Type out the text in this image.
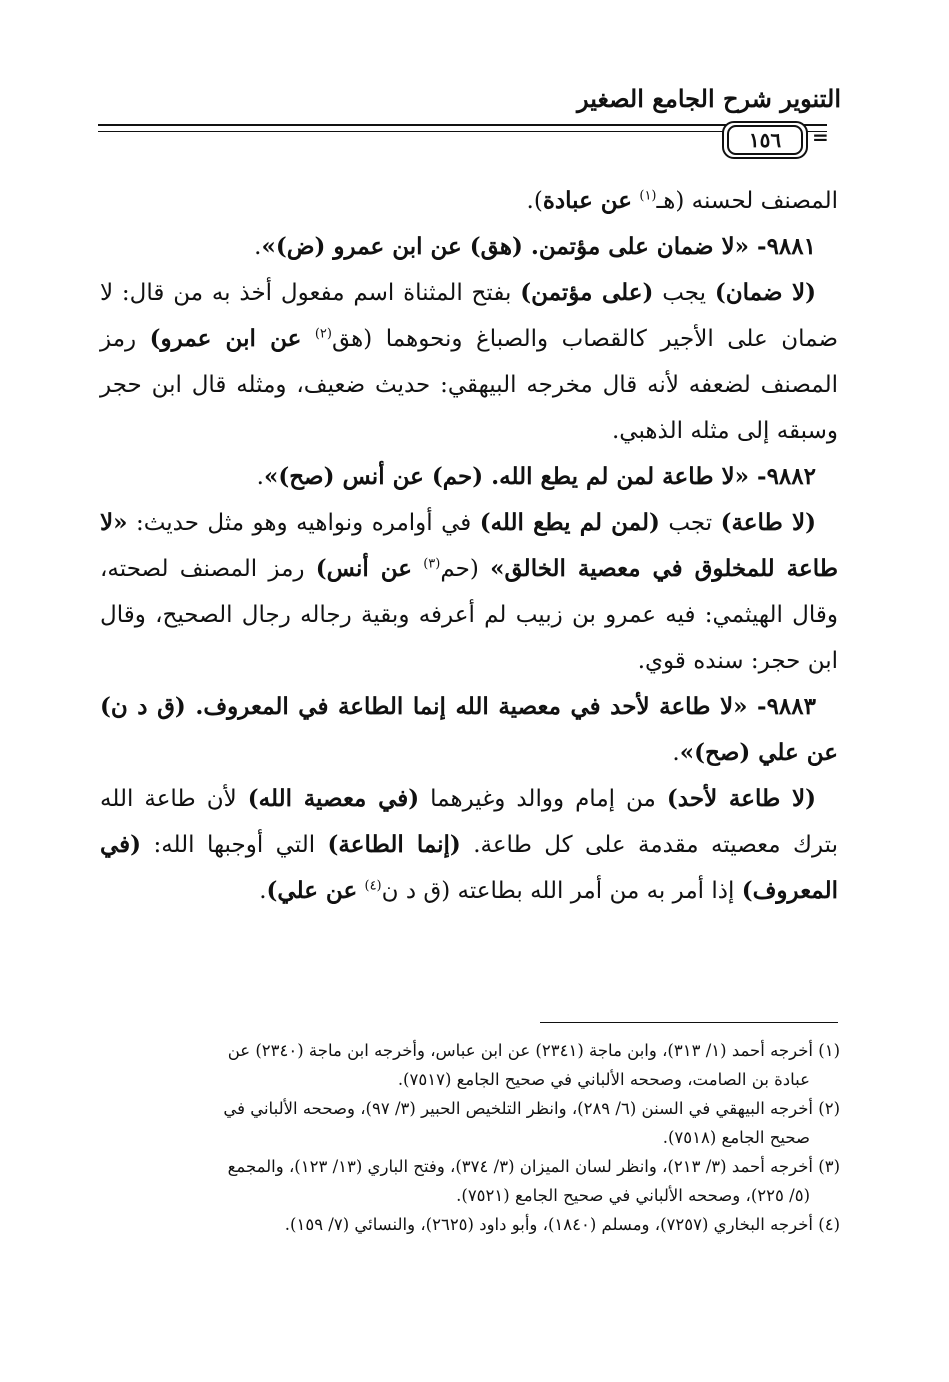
التنوير شرح الجامع الصغير
١٥٦	=

المصنف لحسنه (هـ$^{(١)}$ عن عبادة).

٩٨٨١- «لا ضمان على مؤتمن. (هق) عن ابن عمرو (ض)».

(لا ضمان) يجب (على مؤتمن) بفتح المثناة اسم مفعول أخذ به من قال: لا ضمان على الأجير كالقصاب والصباغ ونحوهما (هق$^{(٢)}$ عن ابن عمرو) رمز المصنف لضعفه لأنه قال مخرجه البيهقي: حديث ضعيف، ومثله قال ابن حجر وسبقه إلى مثله الذهبي.

٩٨٨٢- «لا طاعة لمن لم يطع الله. (حم) عن أنس (صح)».

(لا طاعة) تجب (لمن لم يطع الله) في أوامره ونواهيه وهو مثل حديث: «لا طاعة للمخلوق في معصية الخالق» (حم$^{(٣)}$ عن أنس) رمز المصنف لصحته، وقال الهيثمي: فيه عمرو بن زبيب لم أعرفه وبقية رجاله رجال الصحيح، وقال ابن حجر: سنده قوي.

٩٨٨٣- «لا طاعة لأحد في معصية الله إنما الطاعة في المعروف. (ق د ن) عن علي (صح)».

(لا طاعة لأحد) من إمام ووالد وغيرهما (في معصية الله) لأن طاعة الله بترك معصيته مقدمة على كل طاعة. (إنما الطاعة) التي أوجبها الله: (في المعروف) إذا أمر به من أمر الله بطاعته (ق د ن$^{(٤)}$ عن علي).

(١) أخرجه أحمد (١/ ٣١٣)، وابن ماجة (٢٣٤١) عن ابن عباس، وأخرجه ابن ماجة (٢٣٤٠) عن

عبادة بن الصامت، وصححه الألباني في صحيح الجامع (٧٥١٧).

(٢) أخرجه البيهقي في السنن (٦/ ٢٨٩)، وانظر التلخيص الحبير (٣/ ٩٧)، وصححه الألباني في

صحيح الجامع (٧٥١٨).

(٣) أخرجه أحمد (٣/ ٢١٣)، وانظر لسان الميزان (٣/ ٣٧٤)، وفتح الباري (١٣/ ١٢٣)، والمجمع

(٥/ ٢٢٥)، وصححه الألباني في صحيح الجامع (٧٥٢١).

(٤) أخرجه البخاري (٧٢٥٧)، ومسلم (١٨٤٠)، وأبو داود (٢٦٢٥)، والنسائي (٧/ ١٥٩).
